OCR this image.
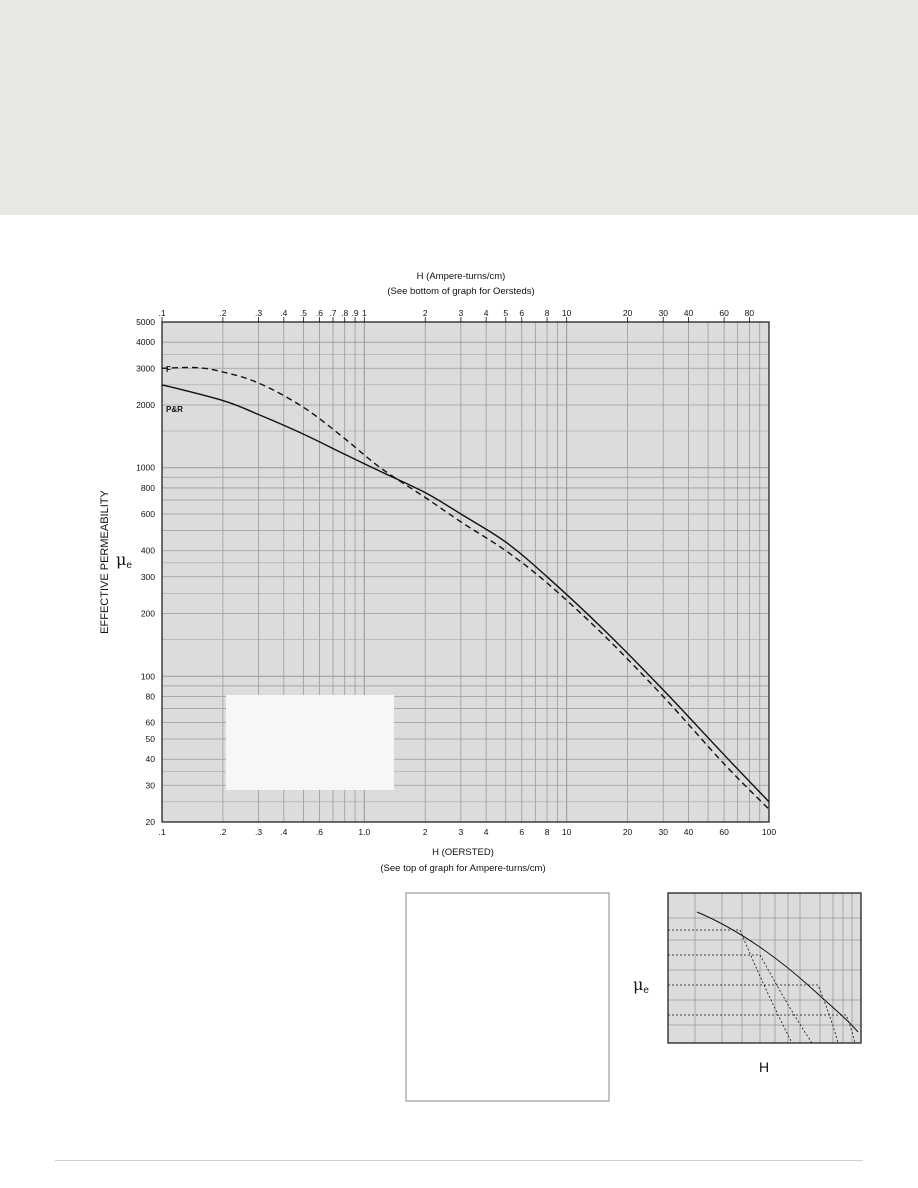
.1	.2	.3 .4 .5 .6 .7 .8 .9 1	2	3 4 5 6 8 10	20	30 40	60 80
.1	.2	.3 .4	.6	1.0	2	3 4	6 8 10	20	30 40	60	100
20
30
40
50
60
80
100
200
300
400
600
800
1000
2000
3000
4000
5000
H (Ampere-turns/cm)
(See bottom of graph for Oersteds)
H (OERSTED)
(See top of graph for Ampere-turns/cm)
EFFECTIVE PERMEABILITY μe
F
P&R
μe
H
